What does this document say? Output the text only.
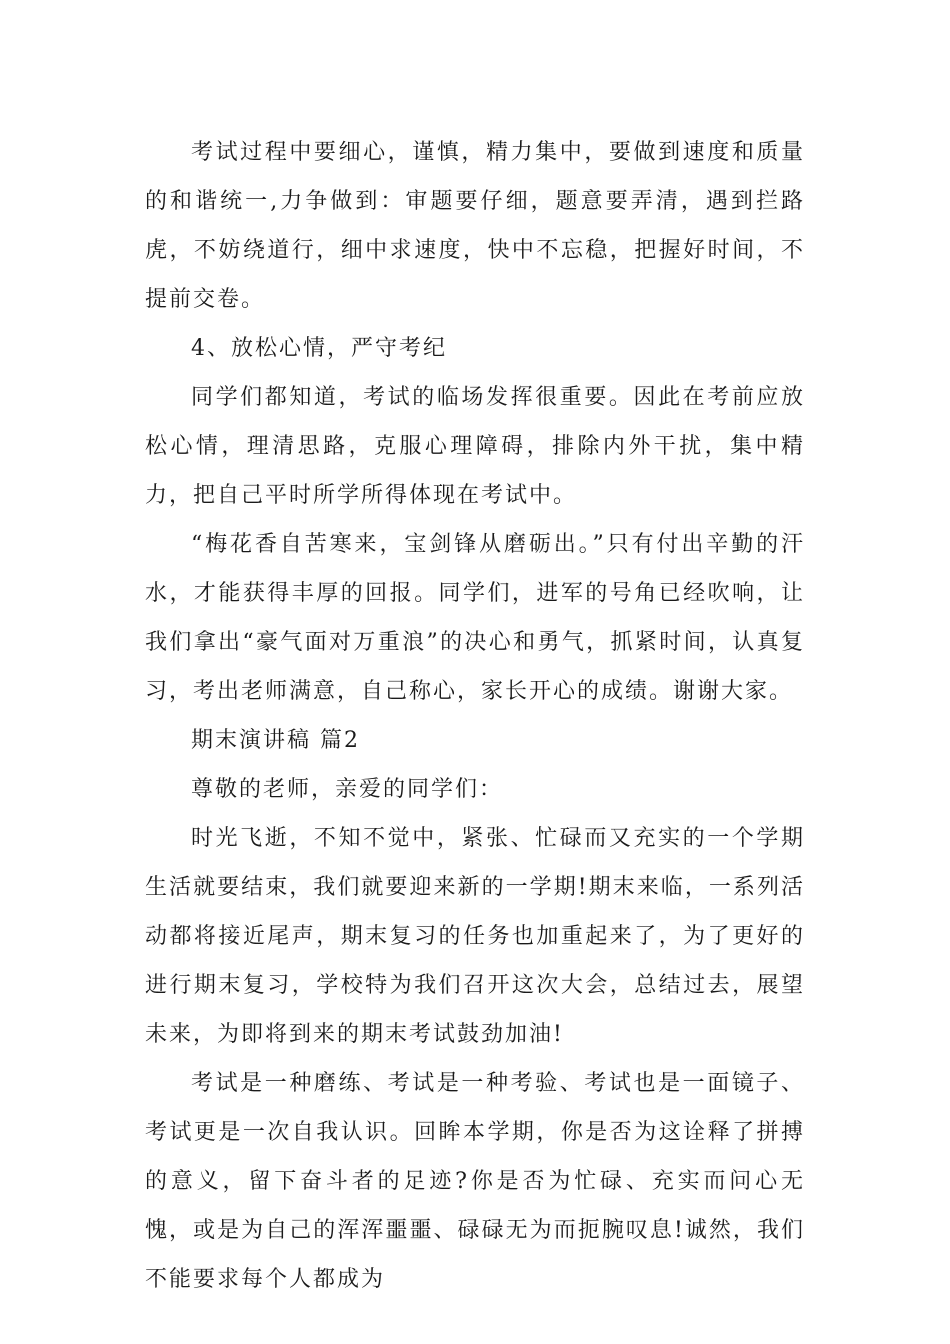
考试过程中要细心，谨慎，精力集中，要做到速度和质量的和谐统一,力争做到：审题要仔细，题意要弄清，遇到拦路虎，不妨绕道行，细中求速度，快中不忘稳，把握好时间，不提前交卷。

4、放松心情，严守考纪

同学们都知道，考试的临场发挥很重要。因此在考前应放松心情，理清思路，克服心理障碍，排除内外干扰，集中精力，把自己平时所学所得体现在考试中。

“梅花香自苦寒来，宝剑锋从磨砺出。”只有付出辛勤的汗水，才能获得丰厚的回报。同学们，进军的号角已经吹响，让我们拿出“豪气面对万重浪”的决心和勇气，抓紧时间，认真复习，考出老师满意，自己称心，家长开心的成绩。谢谢大家。

期末演讲稿 篇2

尊敬的老师，亲爱的同学们：

时光飞逝，不知不觉中，紧张、忙碌而又充实的一个学期生活就要结束，我们就要迎来新的一学期!期末来临，一系列活动都将接近尾声，期末复习的任务也加重起来了，为了更好的进行期末复习，学校特为我们召开这次大会，总结过去，展望未来，为即将到来的期末考试鼓劲加油!

考试是一种磨练、考试是一种考验、考试也是一面镜子、考试更是一次自我认识。回眸本学期，你是否为这诠释了拼搏的意义，留下奋斗者的足迹?你是否为忙碌、充实而问心无愧，或是为自己的浑浑噩噩、碌碌无为而扼腕叹息!诚然，我们不能要求每个人都成为
